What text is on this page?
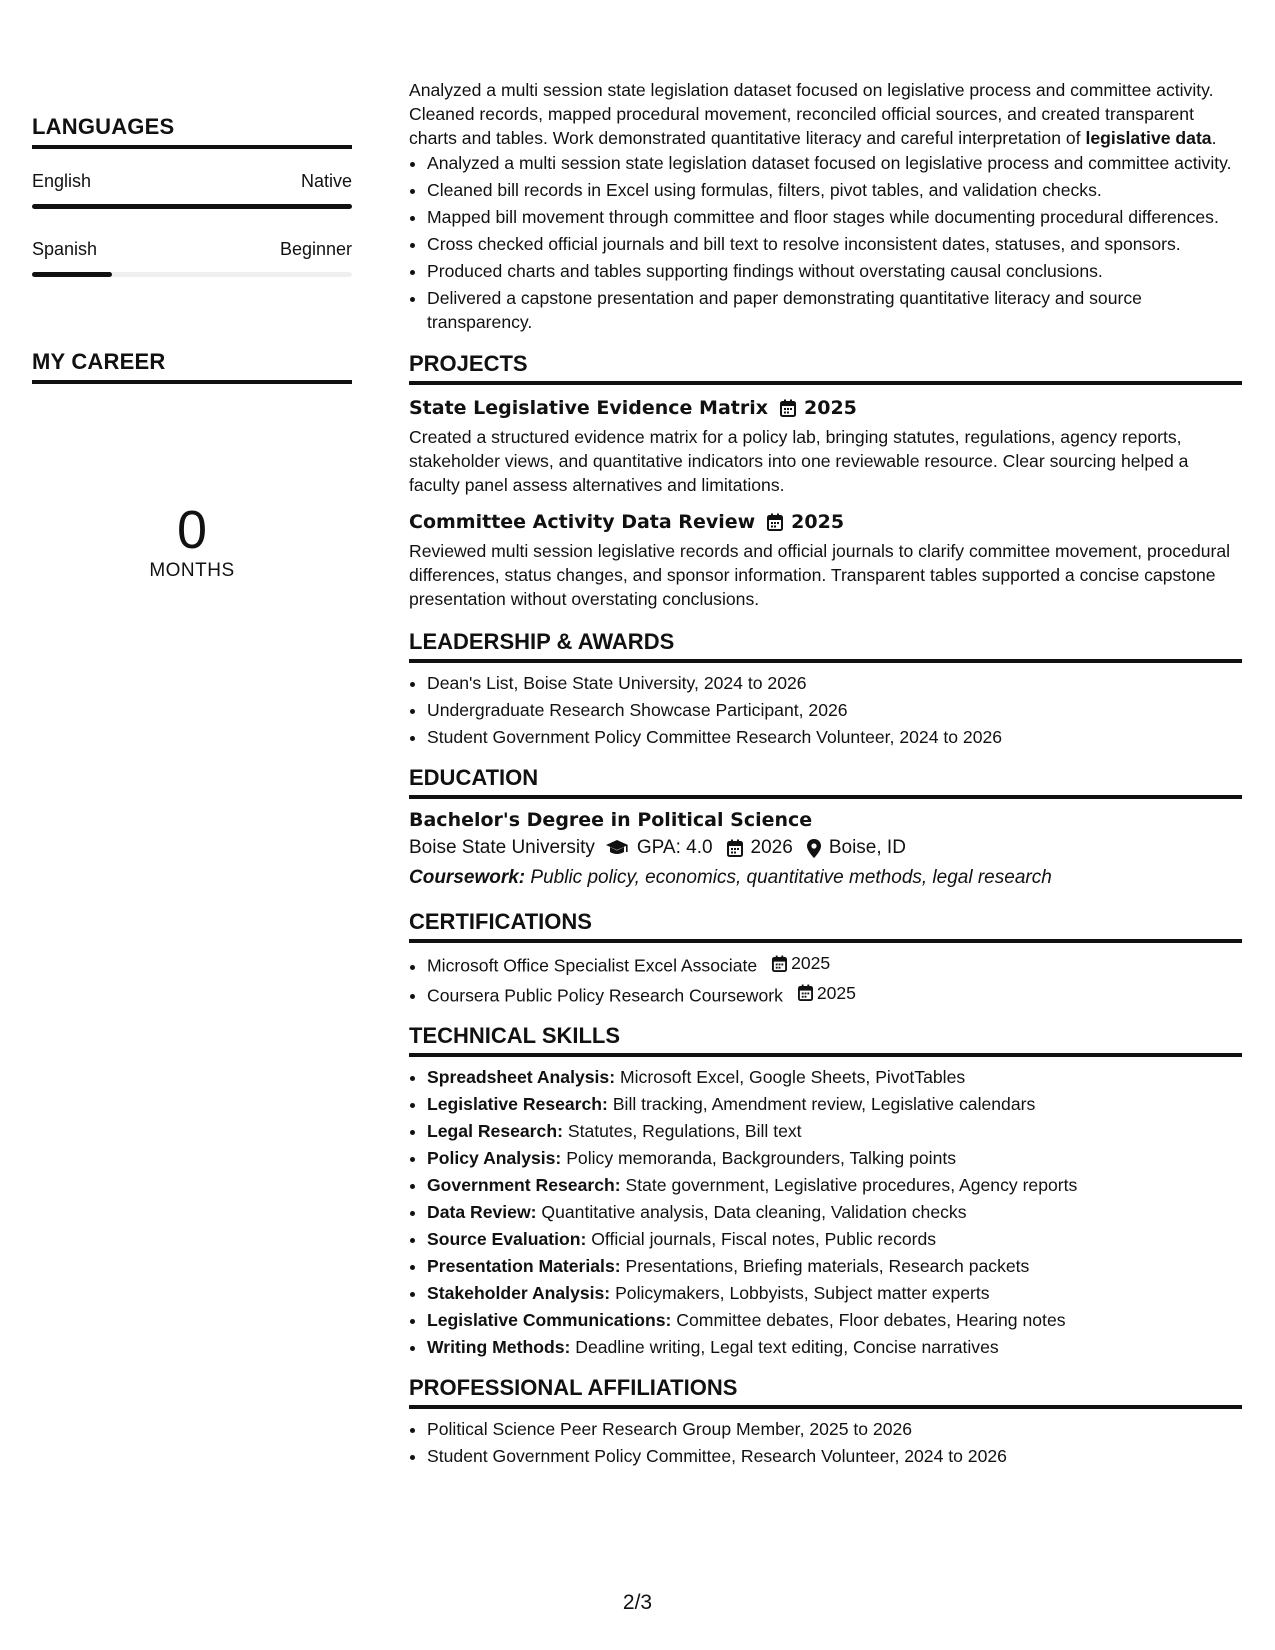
LANGUAGES
English	Native
Spanish	Beginner
MY CAREER
0
MONTHS

Analyzed a multi session state legislation dataset focused on legislative process and committee activity. Cleaned records, mapped procedural movement, reconciled official sources, and created transparent charts and tables. Work demonstrated quantitative literacy and careful interpretation of legislative data.

• Analyzed a multi session state legislation dataset focused on legislative process and committee activity.
• Cleaned bill records in Excel using formulas, filters, pivot tables, and validation checks.
• Mapped bill movement through committee and floor stages while documenting procedural differences.
• Cross checked official journals and bill text to resolve inconsistent dates, statuses, and sponsors.
• Produced charts and tables supporting findings without overstating causal conclusions.
• Delivered a capstone presentation and paper demonstrating quantitative literacy and source transparency.
PROJECTS
State Legislative Evidence Matrix 2025

Created a structured evidence matrix for a policy lab, bringing statutes, regulations, agency reports, stakeholder views, and quantitative indicators into one reviewable resource. Clear sourcing helped a faculty panel assess alternatives and limitations.

Committee Activity Data Review 2025

Reviewed multi session legislative records and official journals to clarify committee movement, procedural differences, status changes, and sponsor information. Transparent tables supported a concise capstone presentation without overstating conclusions.

LEADERSHIP & AWARDS
• Dean's List, Boise State University, 2024 to 2026
• Undergraduate Research Showcase Participant, 2026
• Student Government Policy Committee Research Volunteer, 2024 to 2026
EDUCATION
Bachelor's Degree in Political Science
Boise State University GPA: 4.0 2026 Boise, ID
Coursework: Public policy, economics, quantitative methods, legal research
CERTIFICATIONS
• Microsoft Office Specialist Excel Associate 2025
• Coursera Public Policy Research Coursework 2025
TECHNICAL SKILLS
• Spreadsheet Analysis: Microsoft Excel, Google Sheets, PivotTables
• Legislative Research: Bill tracking, Amendment review, Legislative calendars
• Legal Research: Statutes, Regulations, Bill text
• Policy Analysis: Policy memoranda, Backgrounders, Talking points
• Government Research: State government, Legislative procedures, Agency reports
• Data Review: Quantitative analysis, Data cleaning, Validation checks
• Source Evaluation: Official journals, Fiscal notes, Public records
• Presentation Materials: Presentations, Briefing materials, Research packets
• Stakeholder Analysis: Policymakers, Lobbyists, Subject matter experts
• Legislative Communications: Committee debates, Floor debates, Hearing notes
• Writing Methods: Deadline writing, Legal text editing, Concise narratives
PROFESSIONAL AFFILIATIONS
• Political Science Peer Research Group Member, 2025 to 2026
• Student Government Policy Committee, Research Volunteer, 2024 to 2026
2/3
